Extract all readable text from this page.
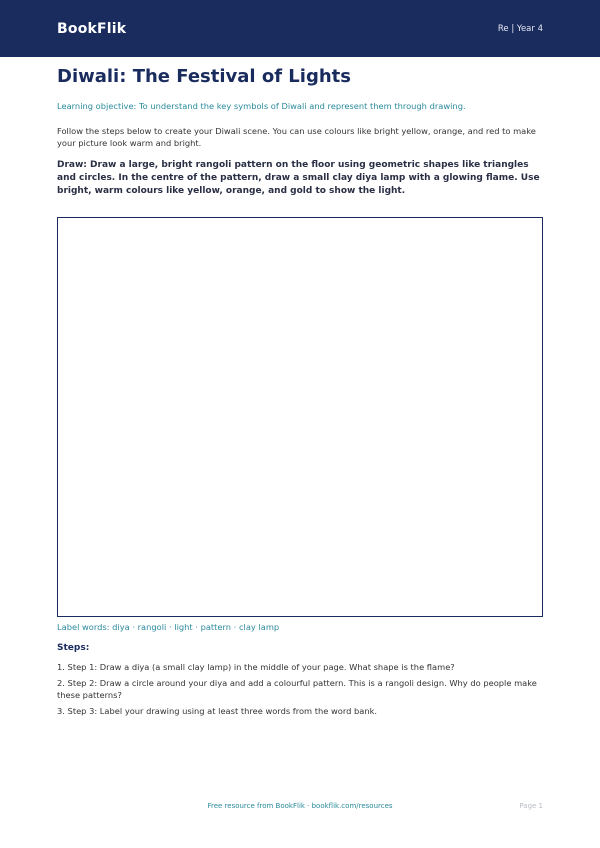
BookFlik	Re | Year 4
Diwali: The Festival of Lights

Learning objective: To understand the key symbols of Diwali and represent them through drawing.

Follow the steps below to create your Diwali scene. You can use colours like bright yellow, orange, and red to make your picture look warm and bright.

Draw: Draw a large, bright rangoli pattern on the floor using geometric shapes like triangles and circles. In the centre of the pattern, draw a small clay diya lamp with a glowing flame. Use bright, warm colours like yellow, orange, and gold to show the light.

Label words: diya · rangoli · light · pattern · clay lamp

Steps:

1. Step 1: Draw a diya (a small clay lamp) in the middle of your page. What shape is the flame?
2. Step 2: Draw a circle around your diya and add a colourful pattern. This is a rangoli design. Why do people make these patterns?
3. Step 3: Label your drawing using at least three words from the word bank.
Free resource from BookFlik · bookflik.com/resources	Page 1
